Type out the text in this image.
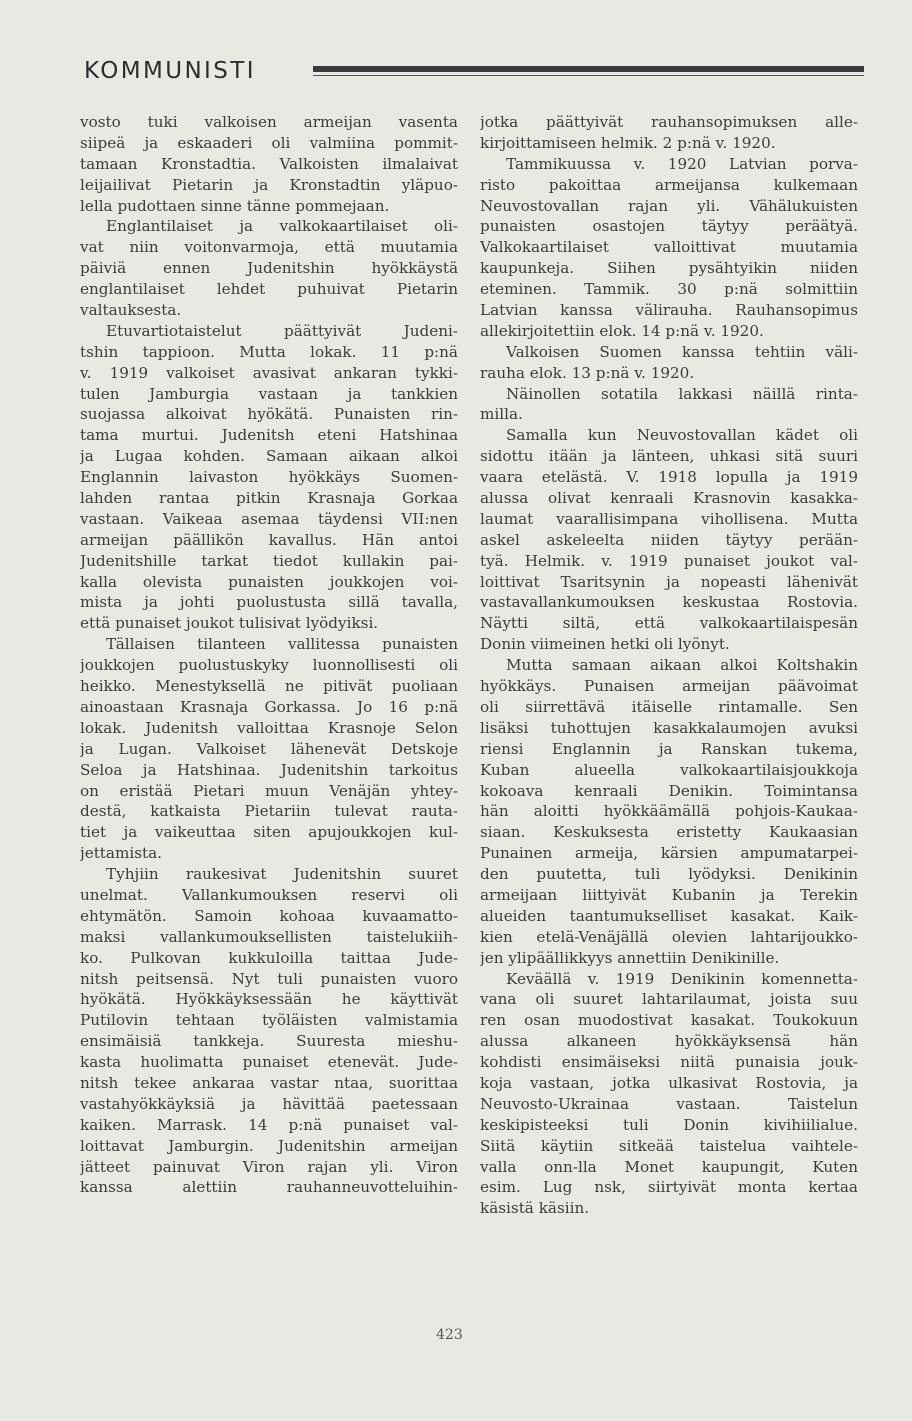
KOMMUNISTI
vosto tuki valkoisen armeijan vasenta
siipeä ja eskaaderi oli valmiina pommit-
tamaan Kronstadtia. Valkoisten ilmalaivat
leijailivat Pietarin ja Kronstadtin yläpuo-
lella pudottaen sinne tänne pommejaan.
Englantilaiset ja valkokaartilaiset oli-
vat niin voitonvarmoja, että muutamia
päiviä ennen Judenitshin hyökkäystä
englantilaiset lehdet puhuivat Pietarin
valtauksesta.
Etuvartiotaistelut päättyivät Judeni-
tshin tappioon. Mutta lokak. 11 p:nä
v. 1919 valkoiset avasivat ankaran tykki-
tulen Jamburgia vastaan ja tankkien
suojassa alkoivat hyökätä. Punaisten rin-
tama murtui. Judenitsh eteni Hatshinaa
ja Lugaa kohden. Samaan aikaan alkoi
Englannin laivaston hyökkäys Suomen-
lahden rantaa pitkin Krasnaja Gorkaa
vastaan. Vaikeaa asemaa täydensi VII:nen
armeijan päällikön kavallus. Hän antoi
Judenitshille tarkat tiedot kullakin pai-
kalla olevista punaisten joukkojen voi-
mista ja johti puolustusta sillä tavalla,
että punaiset joukot tulisivat lyödyiksi.
Tällaisen tilanteen vallitessa punaisten
joukkojen puolustuskyky luonnollisesti oli
heikko. Menestyksellä ne pitivät puoliaan
ainoastaan Krasnaja Gorkassa. Jo 16 p:nä
lokak. Judenitsh valloittaa Krasnoje Selon
ja Lugan. Valkoiset lähenevät Detskoje
Seloa ja Hatshinaa. Judenitshin tarkoitus
on eristää Pietari muun Venäjän yhtey-
destä, katkaista Pietariin tulevat rauta-
tiet ja vaikeuttaa siten apujoukkojen kul-
jettamista.
Tyhjiin raukesivat Judenitshin suuret
unelmat. Vallankumouksen reservi oli
ehtymätön. Samoin kohoaa kuvaamatto-
maksi vallankumouksellisten taistelukiih-
ko. Pulkovan kukkuloilla taittaa Jude-
nitsh peitsensä. Nyt tuli punaisten vuoro
hyökätä. Hyökkäyksessään he käyttivät
Putilovin tehtaan työläisten valmistamia
ensimäisiä tankkeja. Suuresta mieshu-
kasta huolimatta punaiset etenevät. Jude-
nitsh tekee ankaraa vastar ntaa, suorittaa
vastahyökkäyksiä ja hävittää paetessaan
kaiken. Marrask. 14 p:nä punaiset val-
loittavat Jamburgin. Judenitshin armeijan
jätteet painuvat Viron rajan yli. Viron
kanssa alettiin rauhanneuvotteluihin-
jotka päättyivät rauhansopimuksen alle-
kirjoittamiseen helmik. 2 p:nä v. 1920.
Tammikuussa v. 1920 Latvian porva-
risto pakoittaa armeijansa kulkemaan
Neuvostovallan rajan yli. Vähälukuisten
punaisten osastojen täytyy peräätyä.
Valkokaartilaiset valloittivat muutamia
kaupunkeja. Siihen pysähtyikin niiden
eteminen. Tammik. 30 p:nä solmittiin
Latvian kanssa välirauha. Rauhansopimus
allekirjoitettiin elok. 14 p:nä v. 1920.
Valkoisen Suomen kanssa tehtiin väli-
rauha elok. 13 p:nä v. 1920.
Näinollen sotatila lakkasi näillä rinta-
milla.
Samalla kun Neuvostovallan kädet oli
sidottu itään ja länteen, uhkasi sitä suuri
vaara etelästä. V. 1918 lopulla ja 1919
alussa olivat kenraali Krasnovin kasakka-
laumat vaarallisimpana vihollisena. Mutta
askel askeleelta niiden täytyy perään-
tyä. Helmik. v. 1919 punaiset joukot val-
loittivat Tsaritsynin ja nopeasti lähenivät
vastavallankumouksen keskustaa Rostovia.
Näytti siltä, että valkokaartilaispesän
Donin viimeinen hetki oli lyönyt.
Mutta samaan aikaan alkoi Koltshakin
hyökkäys. Punaisen armeijan päävoimat
oli siirrettävä itäiselle rintamalle. Sen
lisäksi tuhottujen kasakkalaumojen avuksi
riensi Englannin ja Ranskan tukema,
Kuban alueella valkokaartilaisjoukkoja
kokoava kenraali Denikin. Toimintansa
hän aloitti hyökkäämällä pohjois-Kaukaa-
siaan. Keskuksesta eristetty Kaukaasian
Punainen armeija, kärsien ampumatarpei-
den puutetta, tuli lyödyksi. Denikinin
armeijaan liittyivät Kubanin ja Terekin
alueiden taantumukselliset kasakat. Kaik-
kien etelä-Venäjällä olevien lahtarijoukko-
jen ylipäällikkyys annettiin Denikinille.
Keväällä v. 1919 Denikinin komennetta-
vana oli suuret lahtarilaumat, joista suu
ren osan muodostivat kasakat. Toukokuun
alussa alkaneen hyökkäyksensä hän
kohdisti ensimäiseksi niitä punaisia jouk-
koja vastaan, jotka ulkasivat Rostovia, ja
Neuvosto-Ukrainaa vastaan. Taistelun
keskipisteeksi tuli Donin kivihiilialue.
Siitä käytiin sitkeää taistelua vaihtele-
valla onn-lla Monet kaupungit, Kuten
esim. Lug nsk, siirtyivät monta kertaa
käsistä käsiin.
423
